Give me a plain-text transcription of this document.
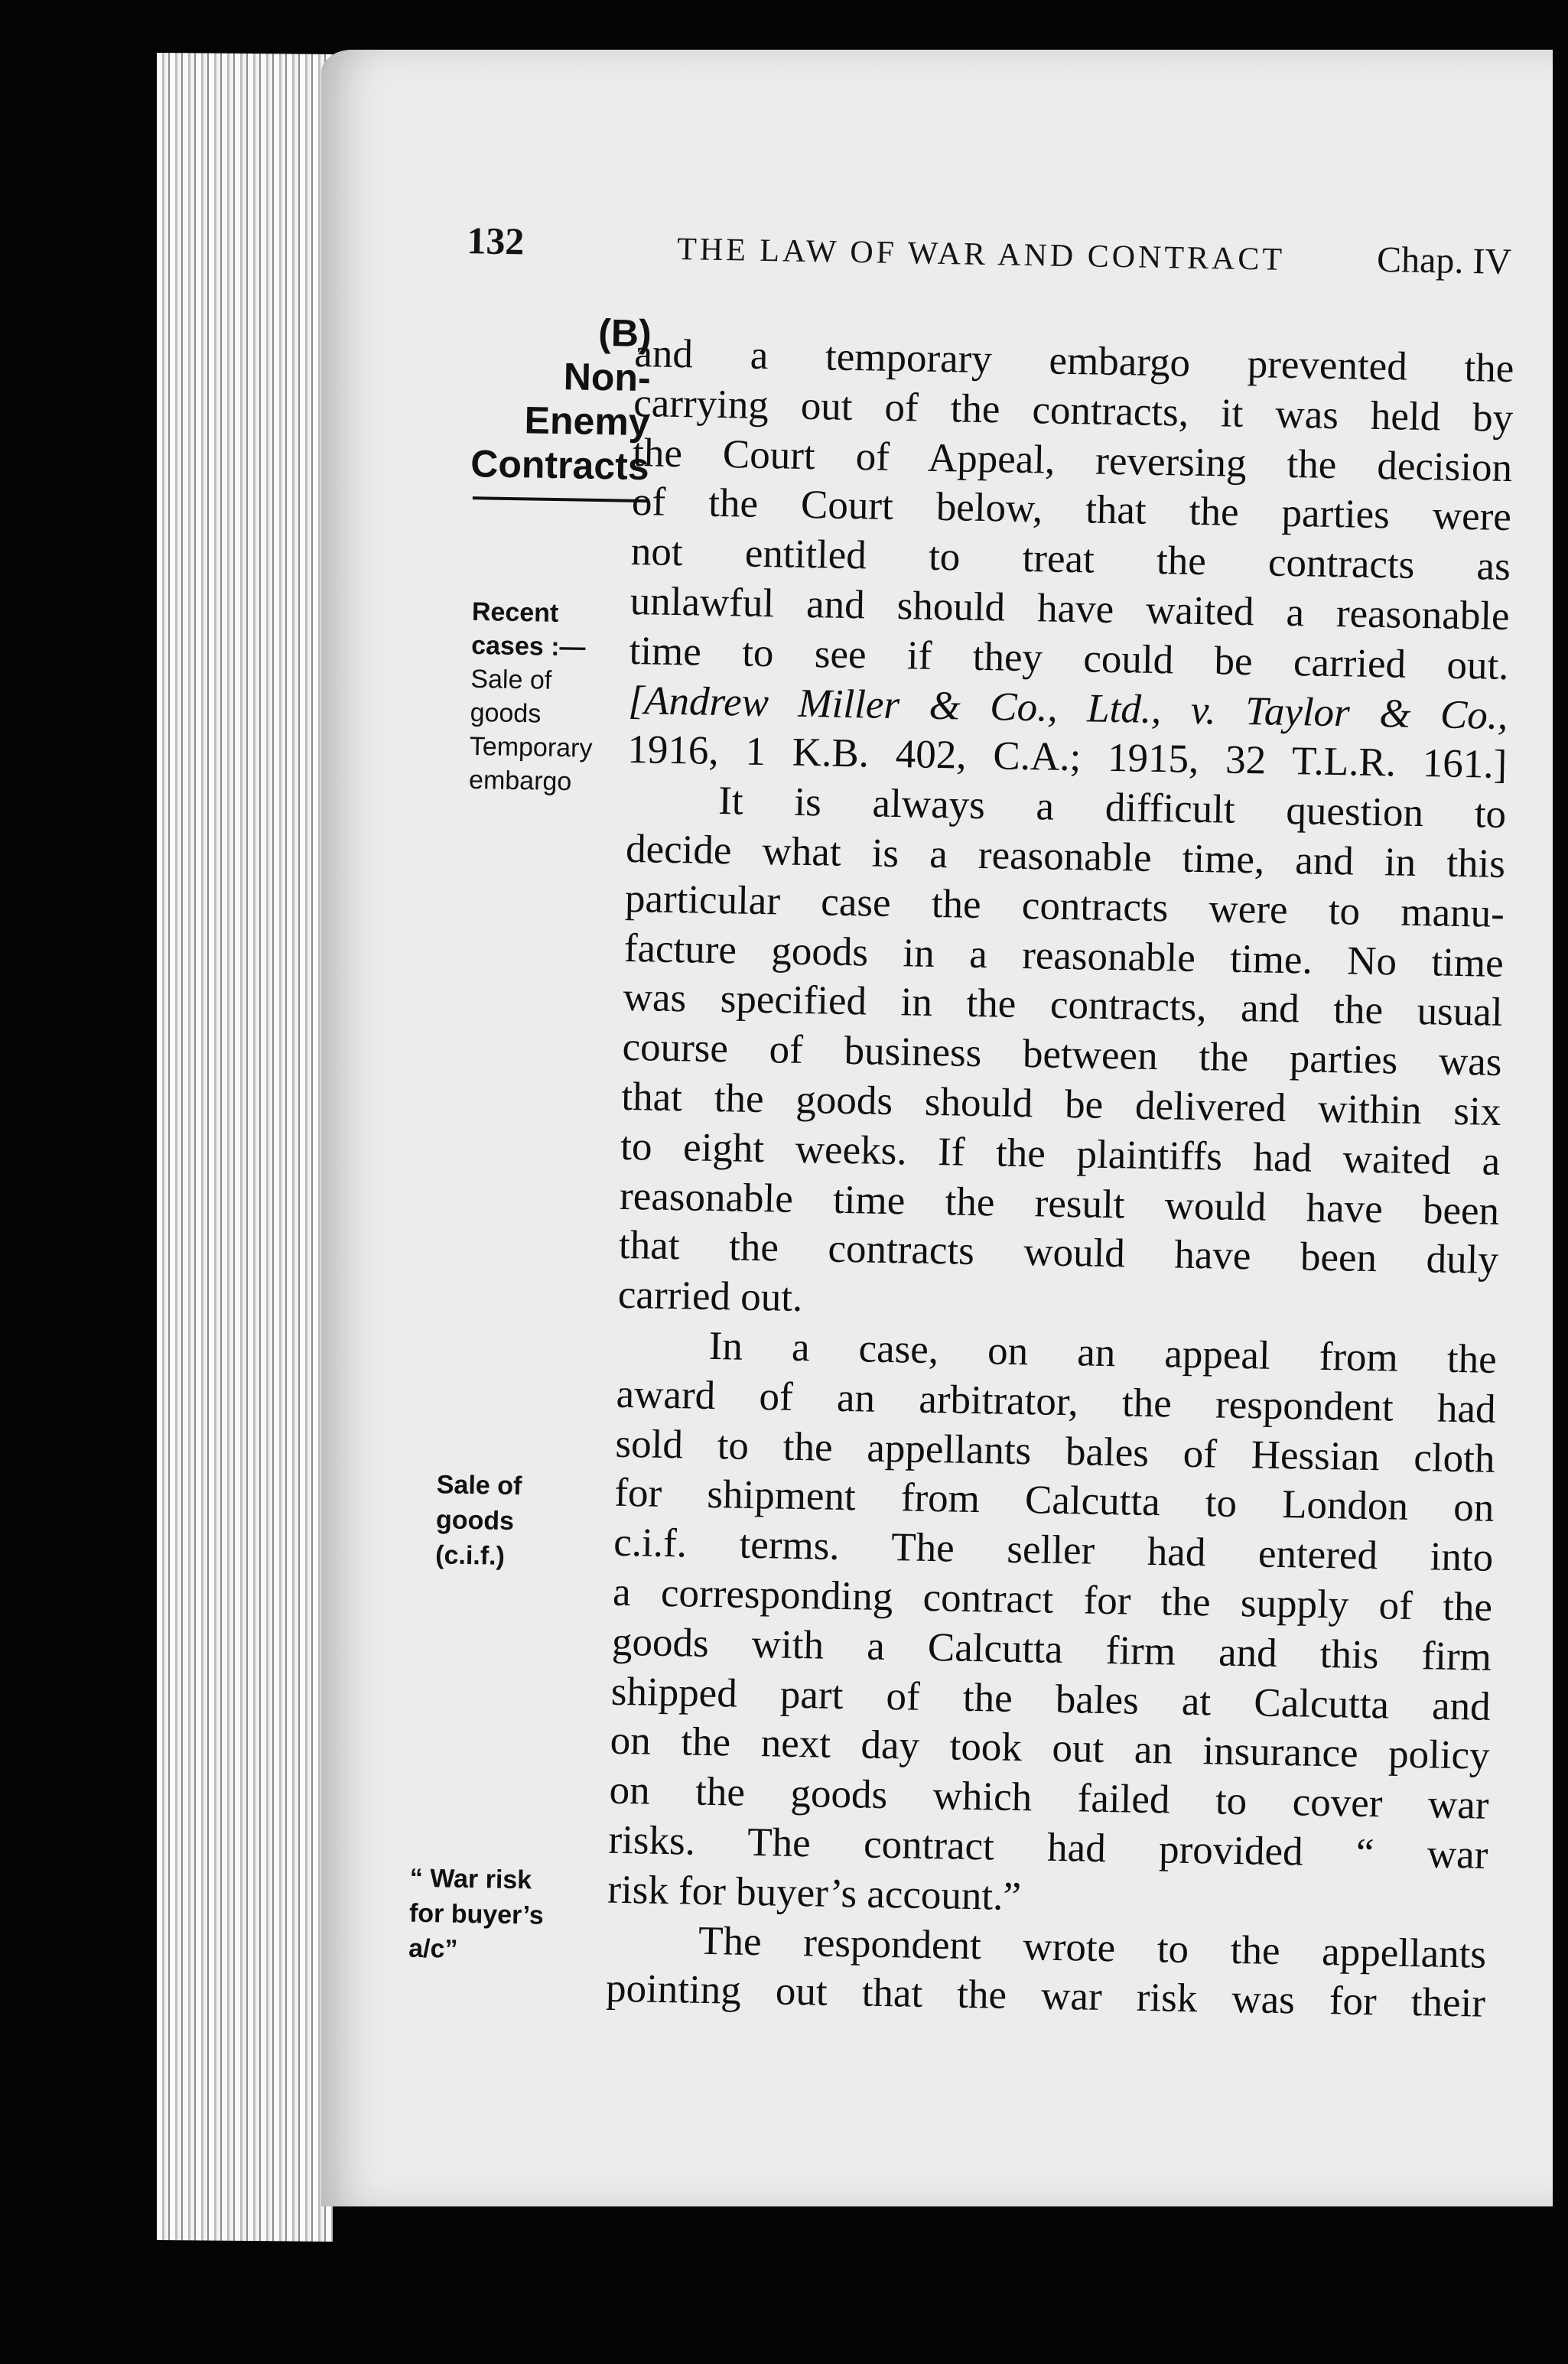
132	THE LAW OF WAR AND CONTRACT Chap. IV
(B)
Non-
Enemy
Contracts
Recent
cases :—
Sale of
goods
Temporary
embargo
Sale of
goods
(c.i.f.)
“ War risk
for buyer’s
a/c”
and a temporary embargo prevented the
carrying out of the contracts, it was held by
the Court of Appeal, reversing the decision
of the Court below, that the parties were
not entitled to treat the contracts as
unlawful and should have waited a reasonable
time to see if they could be carried out.
[Andrew Miller & Co., Ltd., v. Taylor & Co.,
1916, 1 K.B. 402, C.A.; 1915, 32 T.L.R. 161.]
It is always a difficult question to
decide what is a reasonable time, and in this
particular case the contracts were to manu-
facture goods in a reasonable time. No time
was specified in the contracts, and the usual
course of business between the parties was
that the goods should be delivered within six
to eight weeks. If the plaintiffs had waited a
reasonable time the result would have been
that the contracts would have been duly
carried out.
In a case, on an appeal from the
award of an arbitrator, the respondent had
sold to the appellants bales of Hessian cloth
for shipment from Calcutta to London on
c.i.f. terms. The seller had entered into
a corresponding contract for the supply of the
goods with a Calcutta firm and this firm
shipped part of the bales at Calcutta and
on the next day took out an insurance policy
on the goods which failed to cover war
risks. The contract had provided “ war
risk for buyer’s account.”
The respondent wrote to the appellants
pointing out that the war risk was for their
